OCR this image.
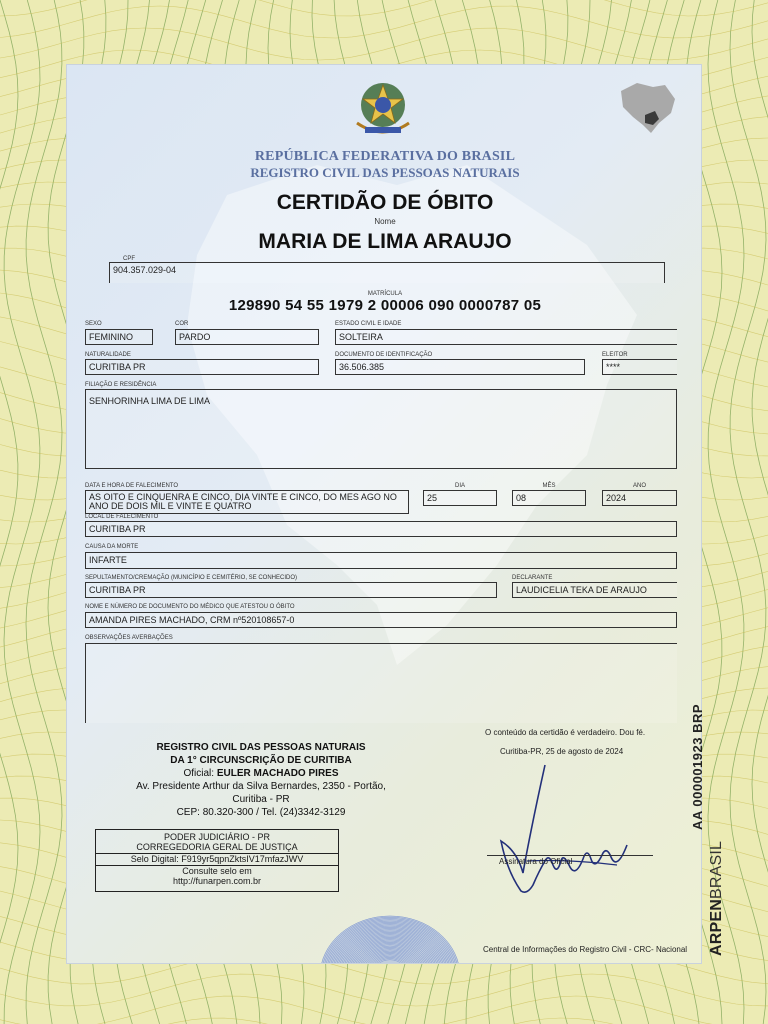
REPÚBLICA FEDERATIVA DO BRASIL
REGISTRO CIVIL DAS PESSOAS NATURAIS
CERTIDÃO DE ÓBITO
Nome
MARIA DE LIMA ARAUJO
CPF
904.357.029-04
MATRÍCULA
129890 54 55 1979 2 00006 090 0000787 05
SEXO
FEMININO
COR
PARDO
ESTADO CIVIL E IDADE
SOLTEIRA
NATURALIDADE
CURITIBA PR
DOCUMENTO DE IDENTIFICAÇÃO
36.506.385
ELEITOR
****
FILIAÇÃO E RESIDÊNCIA
SENHORINHA LIMA DE LIMA
DATA E HORA DE FALECIMENTO
AS OITO E CINQUENRA E CINCO, DIA VINTE E CINCO, DO MES AGO NO ANO DE DOIS MIL E VINTE E QUATRO
DIA
25
MÊS
08
ANO
2024
LOCAL DE FALECIMENTO
CURITIBA PR
CAUSA DA MORTE
INFARTE
SEPULTAMENTO/CREMAÇÃO (MUNICÍPIO E CEMITÉRIO, SE CONHECIDO)
CURITIBA PR
DECLARANTE
LAUDICELIA TEKA DE ARAUJO
NOME E NÚMERO DE DOCUMENTO DO MÉDICO QUE ATESTOU O ÓBITO
AMANDA PIRES MACHADO, CRM nº520108657-0
OBSERVAÇÕES AVERBAÇÕES
O conteúdo da certidão é verdadeiro. Dou fé.
Curitiba-PR, 25 de agosto de 2024
Assinatura do Oficial
REGISTRO CIVIL DAS PESSOAS NATURAIS
DA 1° CIRCUNSCRIÇÃO DE CURITIBA
Oficial: EULER MACHADO PIRES
Av. Presidente Arthur da Silva Bernardes, 2350 - Portão,
Curitiba - PR
CEP: 80.320-300 / Tel. (24)3342-3129
PODER JUDICIÁRIO - PR
CORREGEDORIA GERAL DE JUSTIÇA
Selo Digital: F919yr5qpnZktsIV17mfazJWV
Consulte selo em
http://funarpen.com.br
Central de Informações do Registro Civil - CRC- Nacional
AA 000001923 BRP
ARPENBRASIL
